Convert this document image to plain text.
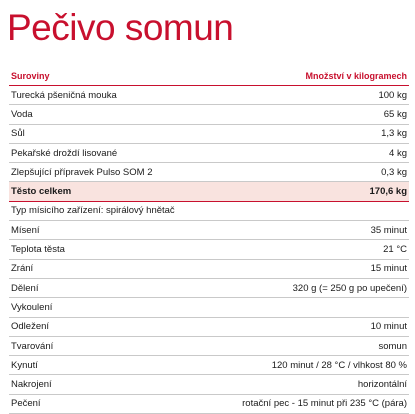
Pečivo somun
Suroviny	Množství v kilogramech
Turecká pšeničná mouka	100 kg
Voda	65 kg
Sůl	1,3 kg
Pekařské droždí lisované	4 kg
Zlepšující přípravek Pulso SOM 2	0,3 kg
Těsto celkem	170,6 kg
Typ mísicího zařízení: spirálový hnětač
Mísení	35 minut
Teplota těsta	21 °C
Zrání	15 minut
Dělení	320 g (= 250 g po upečení)
Vykoulení
Odležení	10 minut
Tvarování	somun
Kynutí	120 minut / 28 °C / vlhkost 80 %
Nakrojení	horizontální
Pečení	rotační pec - 15 minut při 235 °C (pára)
